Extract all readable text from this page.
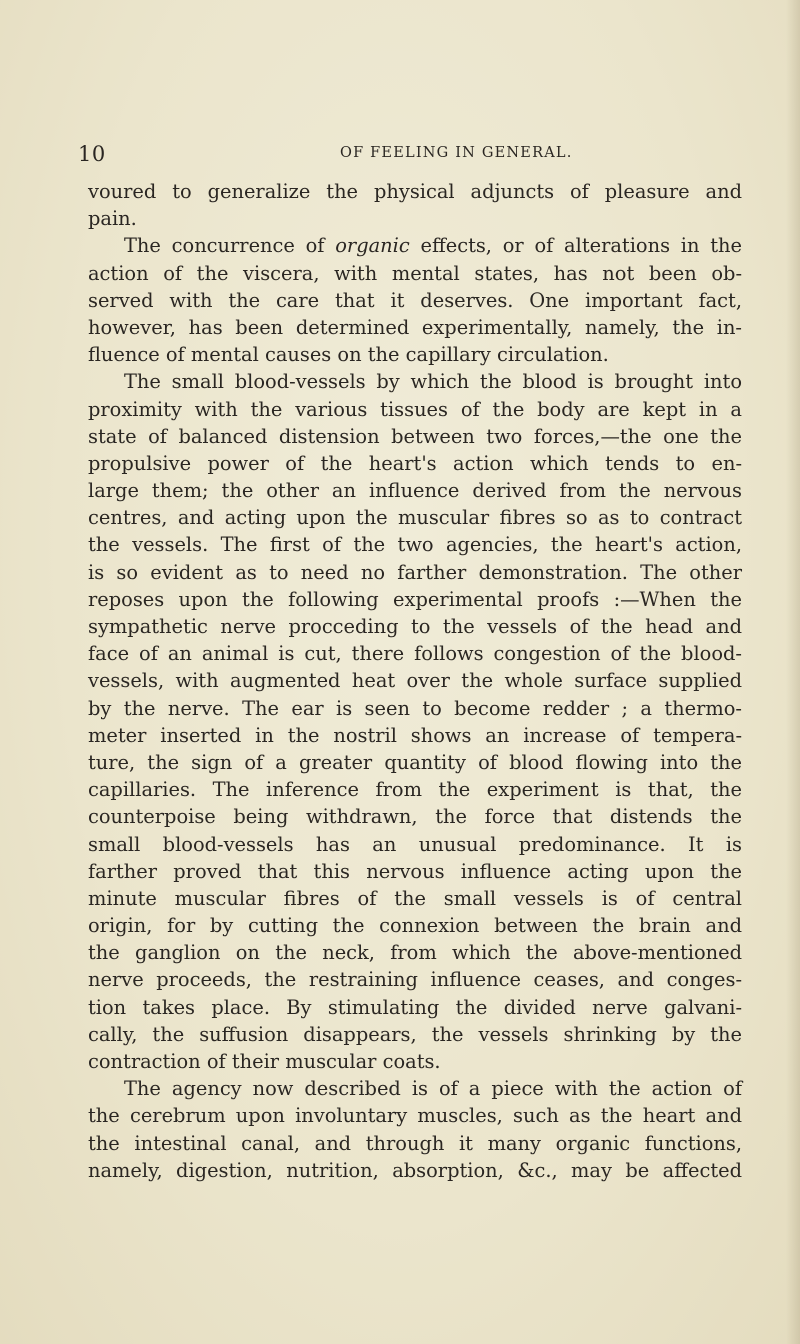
10	OF FEELING IN GENERAL.
voured to generalize the physical adjuncts of pleasure and
pain.
The concurrence of organic effects, or of alterations in the
action of the viscera, with mental states, has not been ob-
served with the care that it deserves. One important fact,
however, has been determined experimentally, namely, the in-
fluence of mental causes on the capillary circulation.
The small blood-vessels by which the blood is brought into
proximity with the various tissues of the body are kept in a
state of balanced distension between two forces,—the one the
propulsive power of the heart's action which tends to en-
large them; the other an influence derived from the nervous
centres, and acting upon the muscular fibres so as to contract
the vessels. The first of the two agencies, the heart's action,
is so evident as to need no farther demonstration. The other
reposes upon the following experimental proofs :—When the
sympathetic nerve procceding to the vessels of the head and
face of an animal is cut, there follows congestion of the blood-
vessels, with augmented heat over the whole surface supplied
by the nerve. The ear is seen to become redder ; a thermo-
meter inserted in the nostril shows an increase of tempera-
ture, the sign of a greater quantity of blood flowing into the
capillaries. The inference from the experiment is that, the
counterpoise being withdrawn, the force that distends the
small blood-vessels has an unusual predominance. It is
farther proved that this nervous influence acting upon the
minute muscular fibres of the small vessels is of central
origin, for by cutting the connexion between the brain and
the ganglion on the neck, from which the above-mentioned
nerve proceeds, the restraining influence ceases, and conges-
tion takes place. By stimulating the divided nerve galvani-
cally, the suffusion disappears, the vessels shrinking by the
contraction of their muscular coats.
The agency now described is of a piece with the action of
the cerebrum upon involuntary muscles, such as the heart and
the intestinal canal, and through it many organic functions,
namely, digestion, nutrition, absorption, &c., may be affected
